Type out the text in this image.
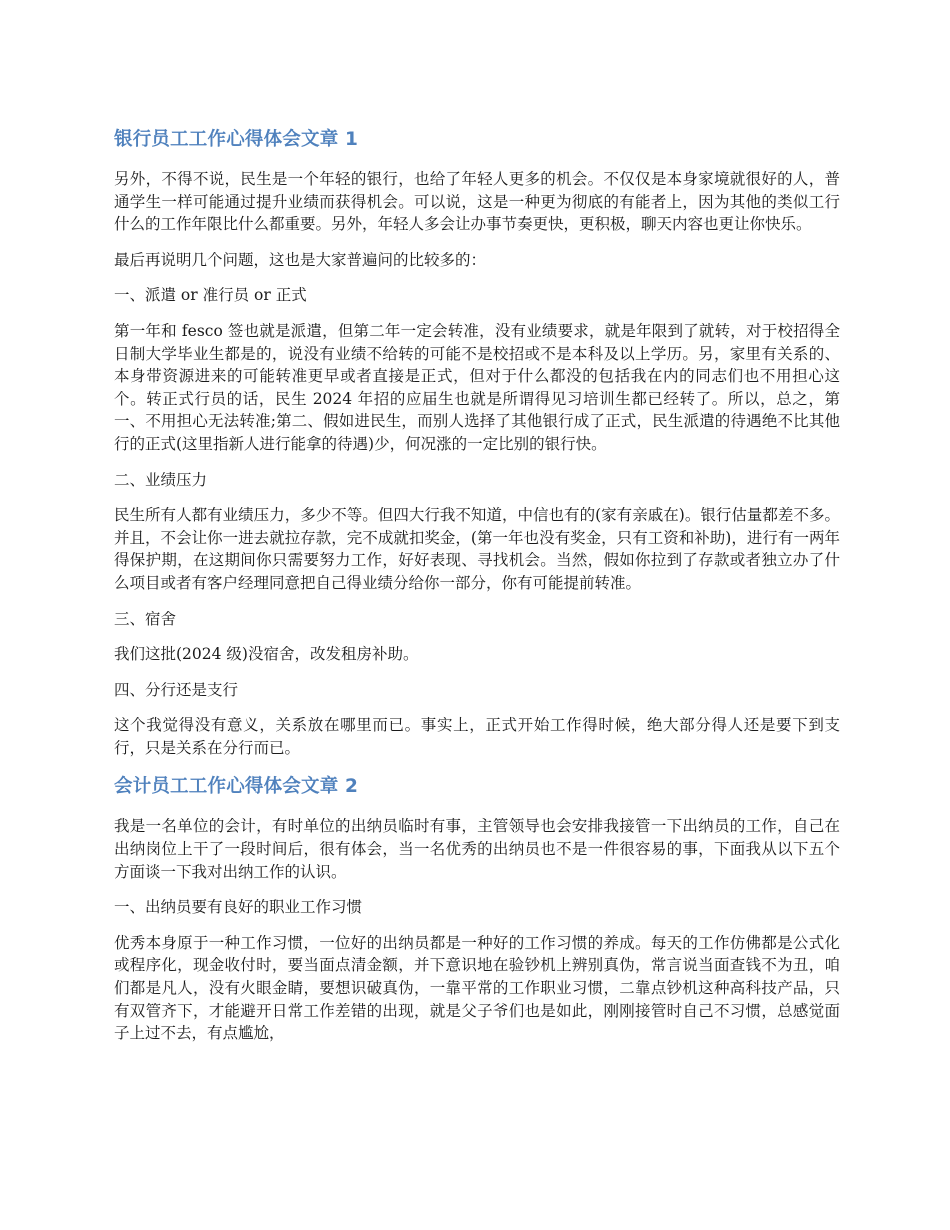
银行员工工作心得体会文章 1

另外，不得不说，民生是一个年轻的银行，也给了年轻人更多的机会。不仅仅是本身家境就很好的人，普通学生一样可能通过提升业绩而获得机会。可以说，这是一种更为彻底的有能者上，因为其他的类似工行什么的工作年限比什么都重要。另外，年轻人多会让办事节奏更快，更积极，聊天内容也更让你快乐。

最后再说明几个问题，这也是大家普遍问的比较多的：

一、派遣 or 准行员 or 正式

第一年和 fesco 签也就是派遣，但第二年一定会转准，没有业绩要求，就是年限到了就转，对于校招得全日制大学毕业生都是的，说没有业绩不给转的可能不是校招或不是本科及以上学历。另，家里有关系的、本身带资源进来的可能转准更早或者直接是正式，但对于什么都没的包括我在内的同志们也不用担心这个。转正式行员的话，民生 2024 年招的应届生也就是所谓得见习培训生都已经转了。所以，总之，第一、不用担心无法转准;第二、假如进民生，而别人选择了其他银行成了正式，民生派遣的待遇绝不比其他行的正式(这里指新人进行能拿的待遇)少，何况涨的一定比别的银行快。

二、业绩压力

民生所有人都有业绩压力，多少不等。但四大行我不知道，中信也有的(家有亲戚在)。银行估量都差不多。并且，不会让你一进去就拉存款，完不成就扣奖金，(第一年也没有奖金，只有工资和补助)，进行有一两年得保护期，在这期间你只需要努力工作，好好表现、寻找机会。当然，假如你拉到了存款或者独立办了什么项目或者有客户经理同意把自己得业绩分给你一部分，你有可能提前转准。

三、宿舍

我们这批(2024 级)没宿舍，改发租房补助。

四、分行还是支行

这个我觉得没有意义，关系放在哪里而已。事实上，正式开始工作得时候，绝大部分得人还是要下到支行，只是关系在分行而已。

会计员工工作心得体会文章 2

我是一名单位的会计，有时单位的出纳员临时有事，主管领导也会安排我接管一下出纳员的工作，自己在出纳岗位上干了一段时间后，很有体会，当一名优秀的出纳员也不是一件很容易的事，下面我从以下五个方面谈一下我对出纳工作的认识。

一、出纳员要有良好的职业工作习惯

优秀本身原于一种工作习惯，一位好的出纳员都是一种好的工作习惯的养成。每天的工作仿佛都是公式化或程序化，现金收付时，要当面点清金额，并下意识地在验钞机上辨别真伪，常言说当面查钱不为丑，咱们都是凡人，没有火眼金睛，要想识破真伪，一靠平常的工作职业习惯，二靠点钞机这种高科技产品，只有双管齐下，才能避开日常工作差错的出现，就是父子爷们也是如此，刚刚接管时自己不习惯，总感觉面子上过不去，有点尴尬，
